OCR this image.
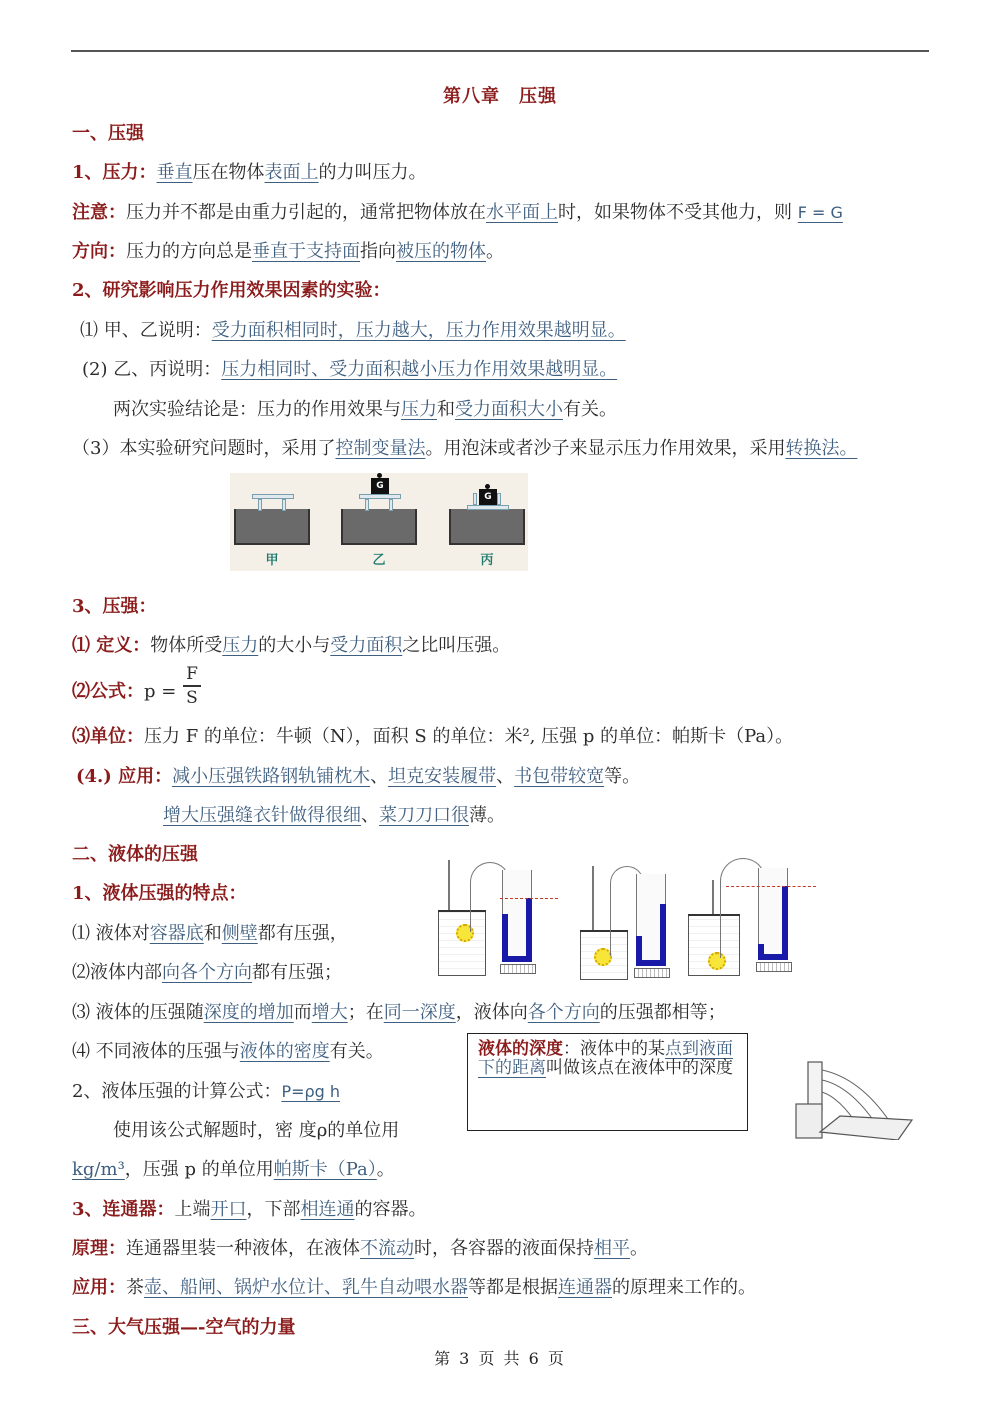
第八章　压强
一、压强
1、压力：垂直压在物体表面上的力叫压力。
注意：压力并不都是由重力引起的，通常把物体放在水平面上时，如果物体不受其他力，则 F = G
方向：压力的方向总是垂直于支持面指向被压的物体。
2、研究影响压力作用效果因素的实验：
⑴ 甲、乙说明：受力面积相同时，压力越大，压力作用效果越明显。
(2) 乙、丙说明：压力相同时、受力面积越小压力作用效果越明显。
两次实验结论是：压力的作用效果与压力和受力面积大小有关。
（3）本实验研究问题时，采用了控制变量法。用泡沫或者沙子来显示压力作用效果，采用转换法。
甲
G
乙
G
丙
3、压强：
⑴ 定义：物体所受压力的大小与受力面积之比叫压强。
⑵公式：p =
F
S
⑶单位：压力 F 的单位：牛顿（N），面积 S 的单位：米², 压强 p 的单位：帕斯卡（Pa）。
(4.) 应用：减小压强铁路钢轨铺枕木、坦克安装履带、书包带较宽等。
增大压强缝衣针做得很细、菜刀刀口很薄。
二、液体的压强
1、液体压强的特点：
⑴ 液体对容器底和侧壁都有压强，
⑵液体内部向各个方向都有压强；
⑶ 液体的压强随深度的增加而增大；在同一深度，液体向各个方向的压强都相等；
⑷ 不同液体的压强与液体的密度有关。
2、液体压强的计算公式：P=ρg h
使用该公式解题时，密 度ρ的单位用
kg/m³，压强 p 的单位用帕斯卡（Pa）。
液体的深度：液体中的某点到液面下的距离叫做该点在液体中的深度
3、连通器：上端开口，下部相连通的容器。
原理：连通器里装一种液体，在液体不流动时，各容器的液面保持相平。
应用：茶壶、船闸、锅炉水位计、乳牛自动喂水器等都是根据连通器的原理来工作的。
三、大气压强—-空气的力量
第 3 页 共 6 页
